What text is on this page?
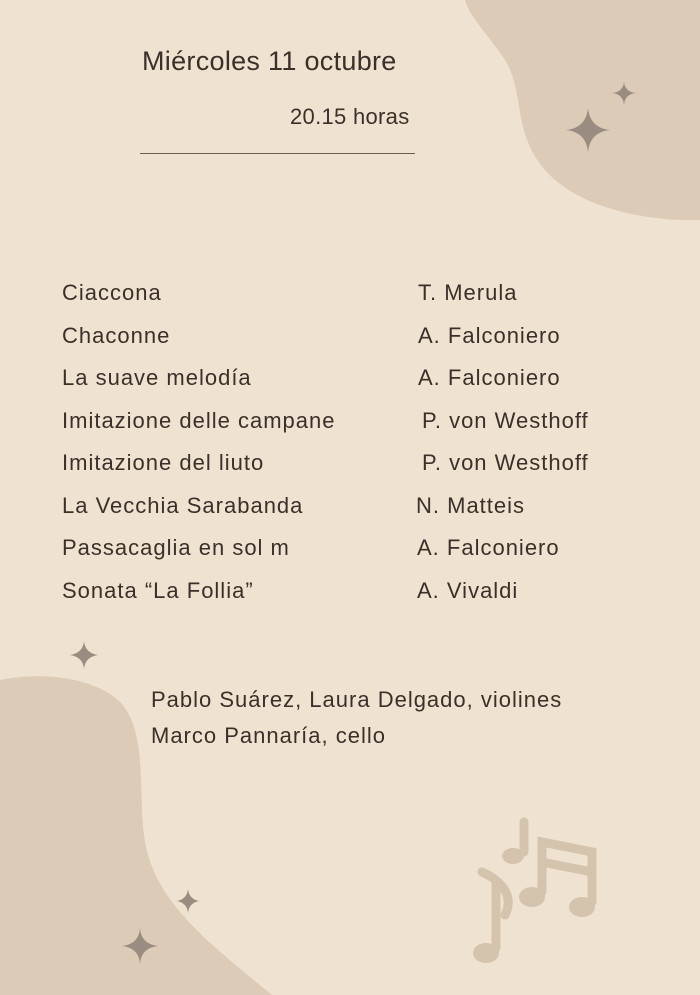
Miércoles 11 octubre
20.15 horas
Ciaccona	T. Merula
Chaconne	A. Falconiero
La suave melodía	A. Falconiero
Imitazione delle campane	P. von Westhoff
Imitazione del liuto	P. von Westhoff
La Vecchia Sarabanda	N. Matteis
Passacaglia en sol m	A. Falconiero
Sonata “La Follia”	A. Vivaldi
Pablo Suárez, Laura Delgado, violines
Marco Pannaría, cello
